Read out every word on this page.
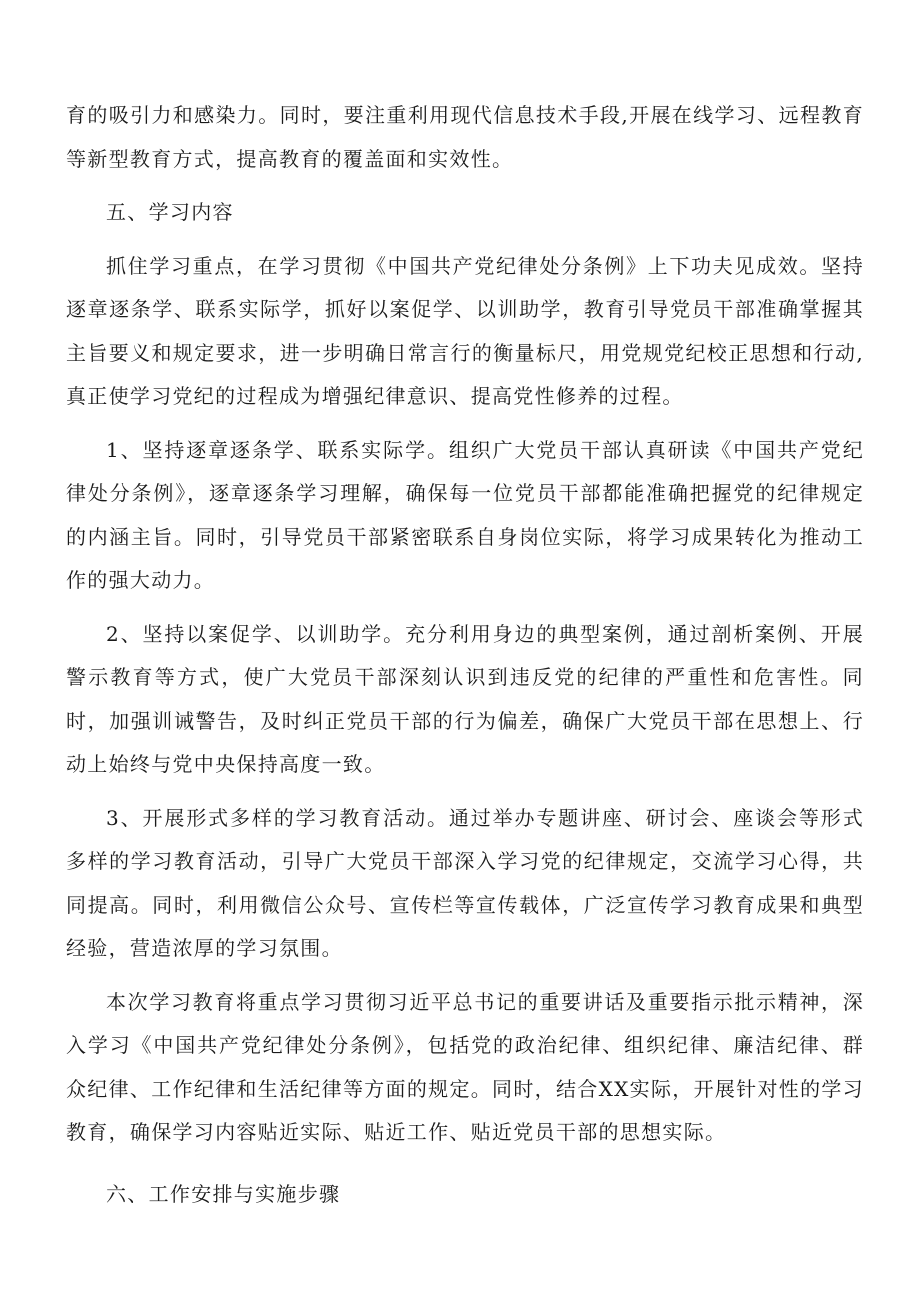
育的吸引力和感染力。同时，要注重利用现代信息技术手段,开展在线学习、远程教育等新型教育方式，提高教育的覆盖面和实效性。

五、学习内容

抓住学习重点，在学习贯彻《中国共产党纪律处分条例》上下功夫见成效。坚持逐章逐条学、联系实际学，抓好以案促学、以训助学，教育引导党员干部准确掌握其主旨要义和规定要求，进一步明确日常言行的衡量标尺，用党规党纪校正思想和行动,真正使学习党纪的过程成为增强纪律意识、提高党性修养的过程。

1、坚持逐章逐条学、联系实际学。组织广大党员干部认真研读《中国共产党纪律处分条例》，逐章逐条学习理解，确保每一位党员干部都能准确把握党的纪律规定的内涵主旨。同时，引导党员干部紧密联系自身岗位实际，将学习成果转化为推动工作的强大动力。

2、坚持以案促学、以训助学。充分利用身边的典型案例，通过剖析案例、开展警示教育等方式，使广大党员干部深刻认识到违反党的纪律的严重性和危害性。同时，加强训诫警告，及时纠正党员干部的行为偏差，确保广大党员干部在思想上、行动上始终与党中央保持高度一致。

3、开展形式多样的学习教育活动。通过举办专题讲座、研讨会、座谈会等形式多样的学习教育活动，引导广大党员干部深入学习党的纪律规定，交流学习心得，共同提高。同时，利用微信公众号、宣传栏等宣传载体，广泛宣传学习教育成果和典型经验，营造浓厚的学习氛围。

本次学习教育将重点学习贯彻习近平总书记的重要讲话及重要指示批示精神，深入学习《中国共产党纪律处分条例》，包括党的政治纪律、组织纪律、廉洁纪律、群众纪律、工作纪律和生活纪律等方面的规定。同时，结合XX实际，开展针对性的学习教育，确保学习内容贴近实际、贴近工作、贴近党员干部的思想实际。

六、工作安排与实施步骤
